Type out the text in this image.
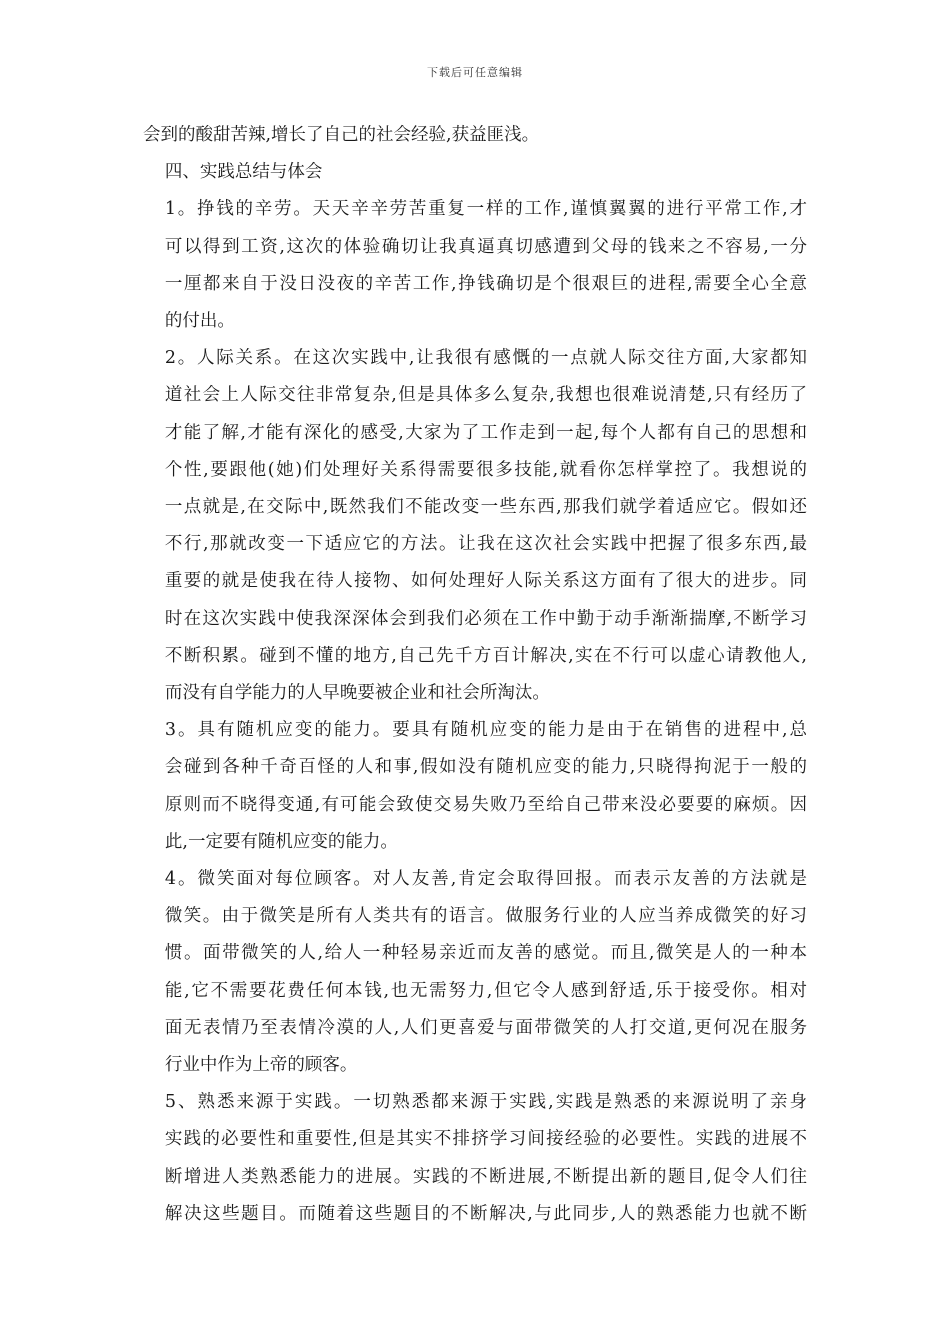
下载后可任意编辑

会到的酸甜苦辣,增长了自己的社会经验,获益匪浅。

四、实践总结与体会

1。挣钱的辛劳。天天辛辛劳苦重复一样的工作,谨慎翼翼的进行平常工作,才
可以得到工资,这次的体验确切让我真逼真切感遭到父母的钱来之不容易,一分
一厘都来自于没日没夜的辛苦工作,挣钱确切是个很艰巨的进程,需要全心全意
的付出。

2。人际关系。在这次实践中,让我很有感慨的一点就人际交往方面,大家都知
道社会上人际交往非常复杂,但是具体多么复杂,我想也很难说清楚,只有经历了
才能了解,才能有深化的感受,大家为了工作走到一起,每个人都有自己的思想和
个性,要跟他(她)们处理好关系得需要很多技能,就看你怎样掌控了。我想说的
一点就是,在交际中,既然我们不能改变一些东西,那我们就学着适应它。假如还
不行,那就改变一下适应它的方法。让我在这次社会实践中把握了很多东西,最
重要的就是使我在待人接物、如何处理好人际关系这方面有了很大的进步。同
时在这次实践中使我深深体会到我们必须在工作中勤于动手渐渐揣摩,不断学习
不断积累。碰到不懂的地方,自己先千方百计解决,实在不行可以虚心请教他人,
而没有自学能力的人早晚要被企业和社会所淘汰。

3。具有随机应变的能力。要具有随机应变的能力是由于在销售的进程中,总
会碰到各种千奇百怪的人和事,假如没有随机应变的能力,只晓得拘泥于一般的
原则而不晓得变通,有可能会致使交易失败乃至给自己带来没必要要的麻烦。因
此,一定要有随机应变的能力。

4。微笑面对每位顾客。对人友善,肯定会取得回报。而表示友善的方法就是
微笑。由于微笑是所有人类共有的语言。做服务行业的人应当养成微笑的好习
惯。面带微笑的人,给人一种轻易亲近而友善的感觉。而且,微笑是人的一种本
能,它不需要花费任何本钱,也无需努力,但它令人感到舒适,乐于接受你。相对
面无表情乃至表情冷漠的人,人们更喜爱与面带微笑的人打交道,更何况在服务
行业中作为上帝的顾客。

5、熟悉来源于实践。一切熟悉都来源于实践,实践是熟悉的来源说明了亲身
实践的必要性和重要性,但是其实不排挤学习间接经验的必要性。实践的进展不
断增进人类熟悉能力的进展。实践的不断进展,不断提出新的题目,促令人们往
解决这些题目。而随着这些题目的不断解决,与此同步,人的熟悉能力也就不断
